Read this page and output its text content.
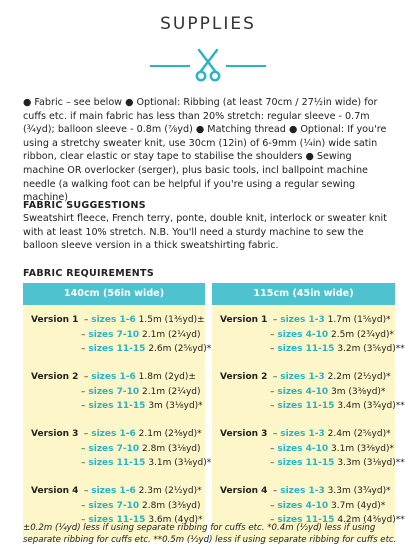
SUPPLIES
● Fabric – see below ● Optional: Ribbing (at least 70cm / 27½in wide) for cuffs etc. if main fabric has less than 20% stretch: regular sleeve - 0.7m (¾yd); balloon sleeve - 0.8m (⅞yd) ● Matching thread ● Optional: If you're using a stretchy sweater knit, use 30cm (12in) of 6-9mm (¼in) wide satin ribbon, clear elastic or stay tape to stabilise the shoulders ● Sewing machine OR overlocker (serger), plus basic tools, incl ballpoint machine needle (a walking foot can be helpful if you're using a regular sewing machine)
FABRIC SUGGESTIONS
Sweatshirt fleece, French terry, ponte, double knit, interlock or sweater knit with at least 10% stretch. N.B. You'll need a sturdy machine to sew the balloon sleeve version in a thick sweatshirting fabric.
FABRIC REQUIREMENTS
140cm (56in wide)
Version 1 – sizes 1-6 1.5m (1⅗yd)±
– sizes 7-10 2.1m (2¼yd)
– sizes 11-15 2.6m (2⅚yd)*
Version 2 – sizes 1-6 1.8m (2yd)±
– sizes 7-10 2.1m (2¼yd)
– sizes 11-15 3m (3⅛yd)*
Version 3 – sizes 1-6 2.1m (2⅜yd)*
– sizes 7-10 2.8m (3⅛yd)
– sizes 11-15 3.1m (3⅛yd)*
Version 4 – sizes 1-6 2.3m (2½yd)*
– sizes 7-10 2.8m (3⅜yd)
– sizes 11-15 3.6m (4yd)*
115cm (45in wide)
Version 1 – sizes 1-3 1.7m (1⅚yd)*
– sizes 4-10 2.5m (2¾yd)*
– sizes 11-15 3.2m (3⅚yd)**
Version 2 – sizes 1-3 2.2m (2½yd)*
– sizes 4-10 3m (3⅜yd)*
– sizes 11-15 3.4m (3¾yd)**
Version 3 – sizes 1-3 2.4m (2⅚yd)*
– sizes 4-10 3.1m (3⅜yd)*
– sizes 11-15 3.3m (3⅛yd)**
Version 4 – sizes 1-3 3.3m (3¾yd)*
– sizes 4-10 3.7m (4yd)*
– sizes 11-15 4.2m (4⅜yd)**
±0.2m (¼yd) less if using separate ribbing for cuffs etc. *0.4m (½yd) less if using separate ribbing for cuffs etc. **0.5m (½yd) less if using separate ribbing for cuffs etc.
